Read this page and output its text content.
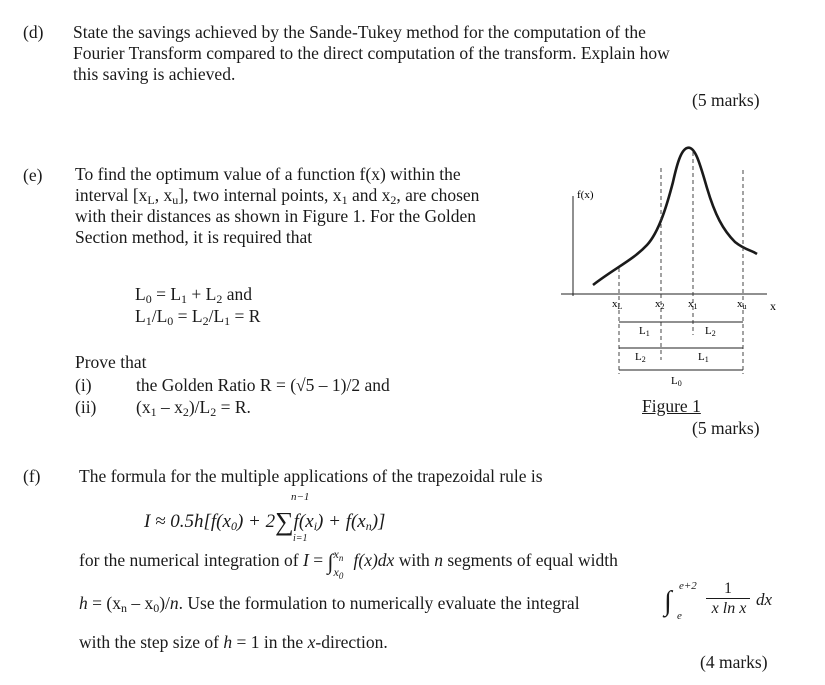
(d) State the savings achieved by the Sande-Tukey method for the computation of the
Fourier Transform compared to the direct computation of the transform. Explain how
this saving is achieved.
(5 marks)
(e) To find the optimum value of a function f(x) within the
interval [$x_L$, $x_u$], two internal points, $x_1$ and $x_2$, are chosen
with their distances as shown in Figure 1. For the Golden
Section method, it is required that
$L_0 = L_1 + L_2$ and
$L_1/L_0 = L_2/L_1 = R$
Prove that
(i)	the Golden Ratio R = (√5 – 1)/2 and
(ii) $(x_1 - x_2)/L_2 = R$.
f(x)
x
xL	x2 x1	xu
L1	L2
L2	L1
L0
Figure 1
(5 marks)
(f) The formula for the multiple applications of the trapezoidal rule is
$I \approx 0.5h[f(x_0) + 2\sum f(x_i) + f(x_n)]$
n−1
i=1
for the numerical integration of I = ∫ $x_n$
$x_0$
f(x)dx with n segments of equal width
$h = (x_n - x_0)/n$. Use the formulation to numerically evaluate the integral	∫ e+2
e
1
x ln x dx
with the step size of h = 1 in the x-direction.
(4 marks)
